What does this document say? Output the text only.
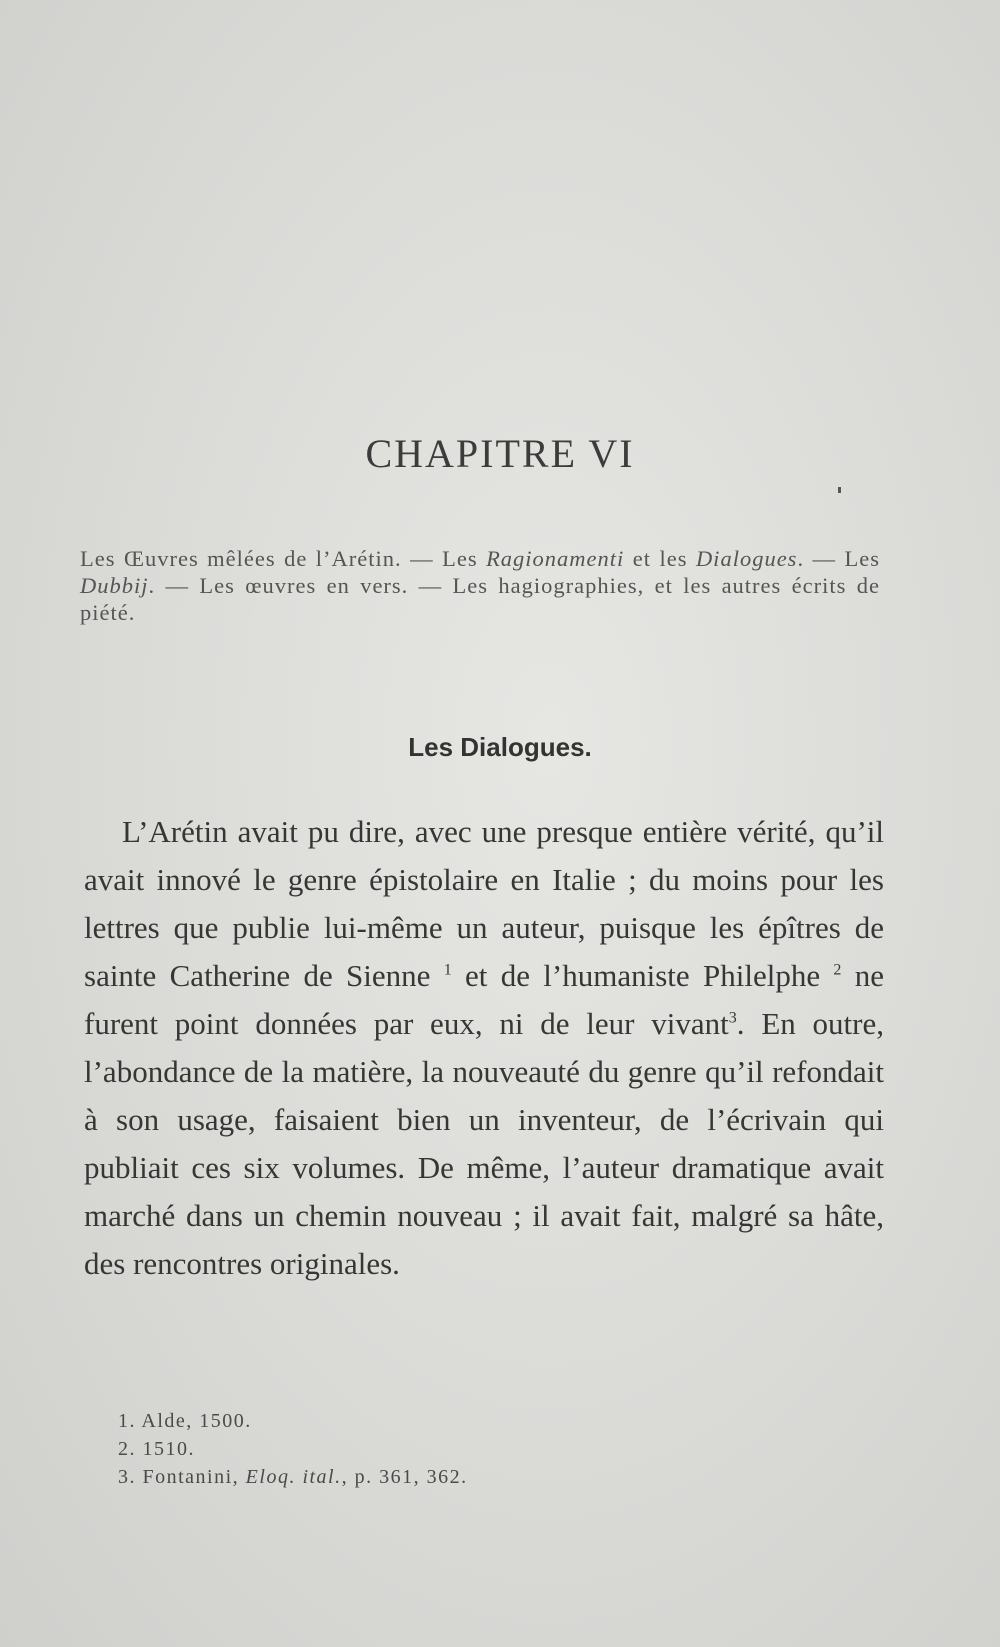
CHAPITRE VI

Les Œuvres mêlées de l’Arétin. — Les Ragionamenti et les Dialogues. — Les Dubbij. — Les œuvres en vers. — Les hagiographies, et les autres écrits de piété.

Les Dialogues.

L’Arétin avait pu dire, avec une presque entière vérité, qu’il avait innové le genre épistolaire en Italie ; du moins pour les lettres que publie lui-même un auteur, puisque les épîtres de sainte Catherine de Sienne $^1$ et de l’humaniste Philelphe $^2$ ne furent point données par eux, ni de leur vivant$^3$. En outre, l’abondance de la matière, la nouveauté du genre qu’il refondait à son usage, faisaient bien un inventeur, de l’écrivain qui publiait ces six volumes. De même, l’auteur dramatique avait marché dans un chemin nouveau ; il avait fait, malgré sa hâte, des rencontres originales.

1. Alde, 1500.
2. 1510.
3. Fontanini, Eloq. ital., p. 361, 362.
